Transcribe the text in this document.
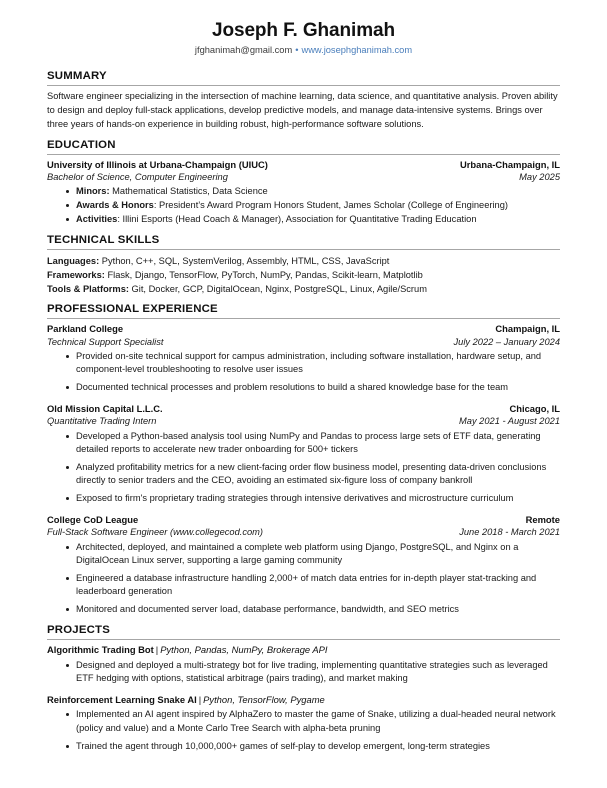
Joseph F. Ghanimah
jfghanimah@gmail.com • www.josephghanimah.com
SUMMARY

Software engineer specializing in the intersection of machine learning, data science, and quantitative analysis. Proven ability to design and deploy full-stack applications, develop predictive models, and manage data-intensive systems. Brings over three years of hands-on experience in building robust, high-performance software solutions.

EDUCATION
University of Illinois at Urbana-Champaign (UIUC)	Urbana-Champaign, IL
Bachelor of Science, Computer Engineering	May 2025
Minors: Mathematical Statistics, Data Science
Awards & Honors: President’s Award Program Honors Student, James Scholar (College of Engineering)
Activities: Illini Esports (Head Coach & Manager), Association for Quantitative Trading Education
TECHNICAL SKILLS
Languages: Python, C++, SQL, SystemVerilog, Assembly, HTML, CSS, JavaScript
Frameworks: Flask, Django, TensorFlow, PyTorch, NumPy, Pandas, Scikit-learn, Matplotlib
Tools & Platforms: Git, Docker, GCP, DigitalOcean, Nginx, PostgreSQL, Linux, Agile/Scrum
PROFESSIONAL EXPERIENCE
Parkland College	Champaign, IL
Technical Support Specialist	July 2022 – January 2024
Provided on-site technical support for campus administration, including software installation, hardware setup, and component-level troubleshooting to resolve user issues
Documented technical processes and problem resolutions to build a shared knowledge base for the team
Old Mission Capital L.L.C.	Chicago, IL
Quantitative Trading Intern	May 2021 - August 2021
Developed a Python-based analysis tool using NumPy and Pandas to process large sets of ETF data, generating detailed reports to accelerate new trader onboarding for 500+ tickers
Analyzed profitability metrics for a new client-facing order flow business model, presenting data-driven conclusions directly to senior traders and the CEO, avoiding an estimated six-figure loss of company bankroll
Exposed to firm's proprietary trading strategies through intensive derivatives and microstructure curriculum
College CoD League	Remote
Full-Stack Software Engineer (www.collegecod.com)	June 2018 - March 2021
Architected, deployed, and maintained a complete web platform using Django, PostgreSQL, and Nginx on a DigitalOcean Linux server, supporting a large gaming community
Engineered a database infrastructure handling 2,000+ of match data entries for in-depth player stat-tracking and leaderboard generation
Monitored and documented server load, database performance, bandwidth, and SEO metrics
PROJECTS
Algorithmic Trading Bot | Python, Pandas, NumPy, Brokerage API
Designed and deployed a multi-strategy bot for live trading, implementing quantitative strategies such as leveraged ETF hedging with options, statistical arbitrage (pairs trading), and market making
Reinforcement Learning Snake AI | Python, TensorFlow, Pygame
Implemented an AI agent inspired by AlphaZero to master the game of Snake, utilizing a dual-headed neural network (policy and value) and a Monte Carlo Tree Search with alpha-beta pruning
Trained the agent through 10,000,000+ games of self-play to develop emergent, long-term strategies
